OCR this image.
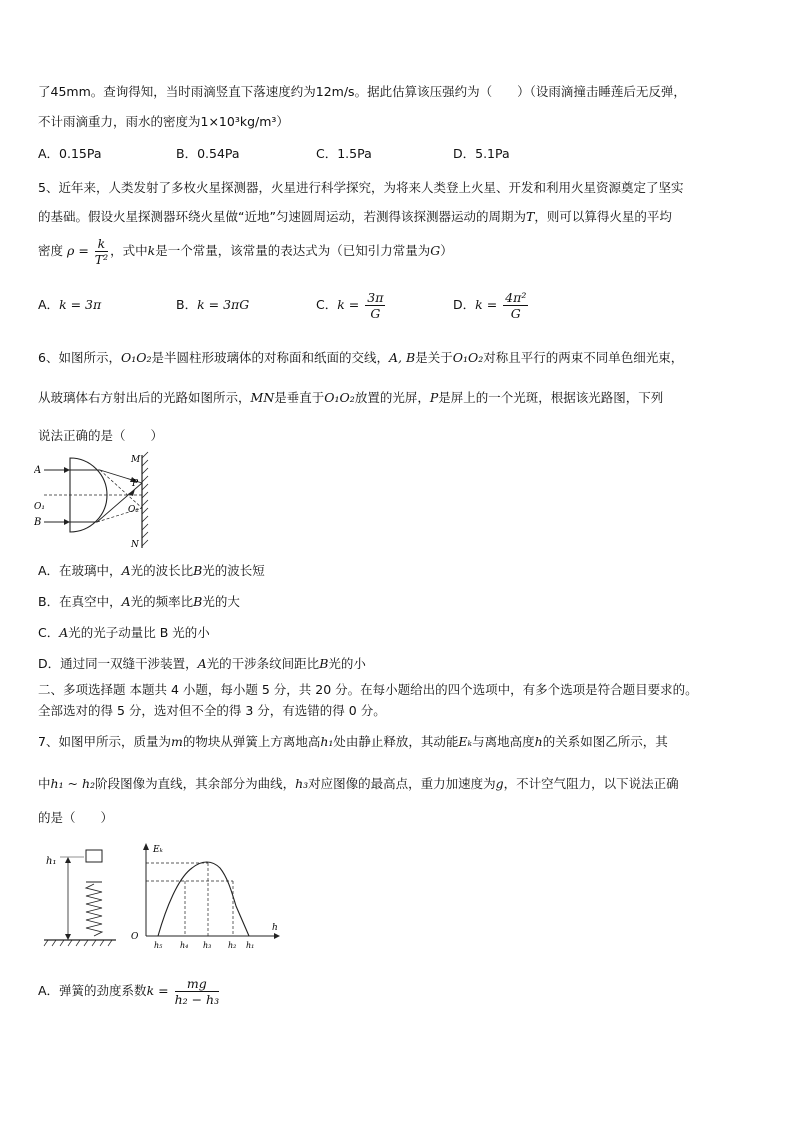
了45mm。查询得知，当时雨滴竖直下落速度约为12m/s。据此估算该压强约为（　　）（设雨滴撞击睡莲后无反弹，
不计雨滴重力，雨水的密度为1×10³kg/m³）
A．0.15Pa	B．0.54Pa	C．1.5Pa	D．5.1Pa
5、近年来，人类发射了多枚火星探测器，火星进行科学探究，为将来人类登上火星、开发和利用火星资源奠定了坚实
的基础。假设火星探测器环绕火星做“近地”匀速圆周运动，若测得该探测器运动的周期为T，则可以算得火星的平均
密度 $\rho = \frac{k}{\text{T²}}$ ，式中k是一个常量，该常量的表达式为（已知引力常量为G）
A．k = 3π	B．k = 3πG	C．$k = \frac{3\pi}{G}$	D．$k = \frac{\text{4π²}}{G}$
6、如图所示，O₁O₂是半圆柱形玻璃体的对称面和纸面的交线，A, B是关于O₁O₂对称且平行的两束不同单色细光束，
从玻璃体右方射出后的光路如图所示，MN是垂直于O₁O₂放置的光屏，P是屏上的一个光斑，根据该光路图，下列
说法正确的是（　　）
A
B
O₁	O₂
M
N
P
A．在玻璃中，A光的波长比B光的波长短
B．在真空中，A光的频率比B光的大
C．A光的光子动量比 B 光的小
D．通过同一双缝干涉装置，A光的干涉条纹间距比B光的小
二、多项选择题 本题共 4 小题，每小题 5 分，共 20 分。在每小题给出的四个选项中，有多个选项是符合题目要求的。
全部选对的得 5 分，选对但不全的得 3 分，有选错的得 0 分。
7、如图甲所示，质量为m的物块从弹簧上方离地高h₁处由静止释放，其动能Eₖ与离地高度h的关系如图乙所示，其
中h₁ ~ h₂阶段图像为直线，其余部分为曲线，h₃对应图像的最高点，重力加速度为g，不计空气阻力，以下说法正确
的是（　　）
h₁
Eₖ
h
O
h₅ h₄ h₃ h₂ h₁
A．弹簧的劲度系数$k = \frac{mg}{\text{h₂ − h₃}}$
